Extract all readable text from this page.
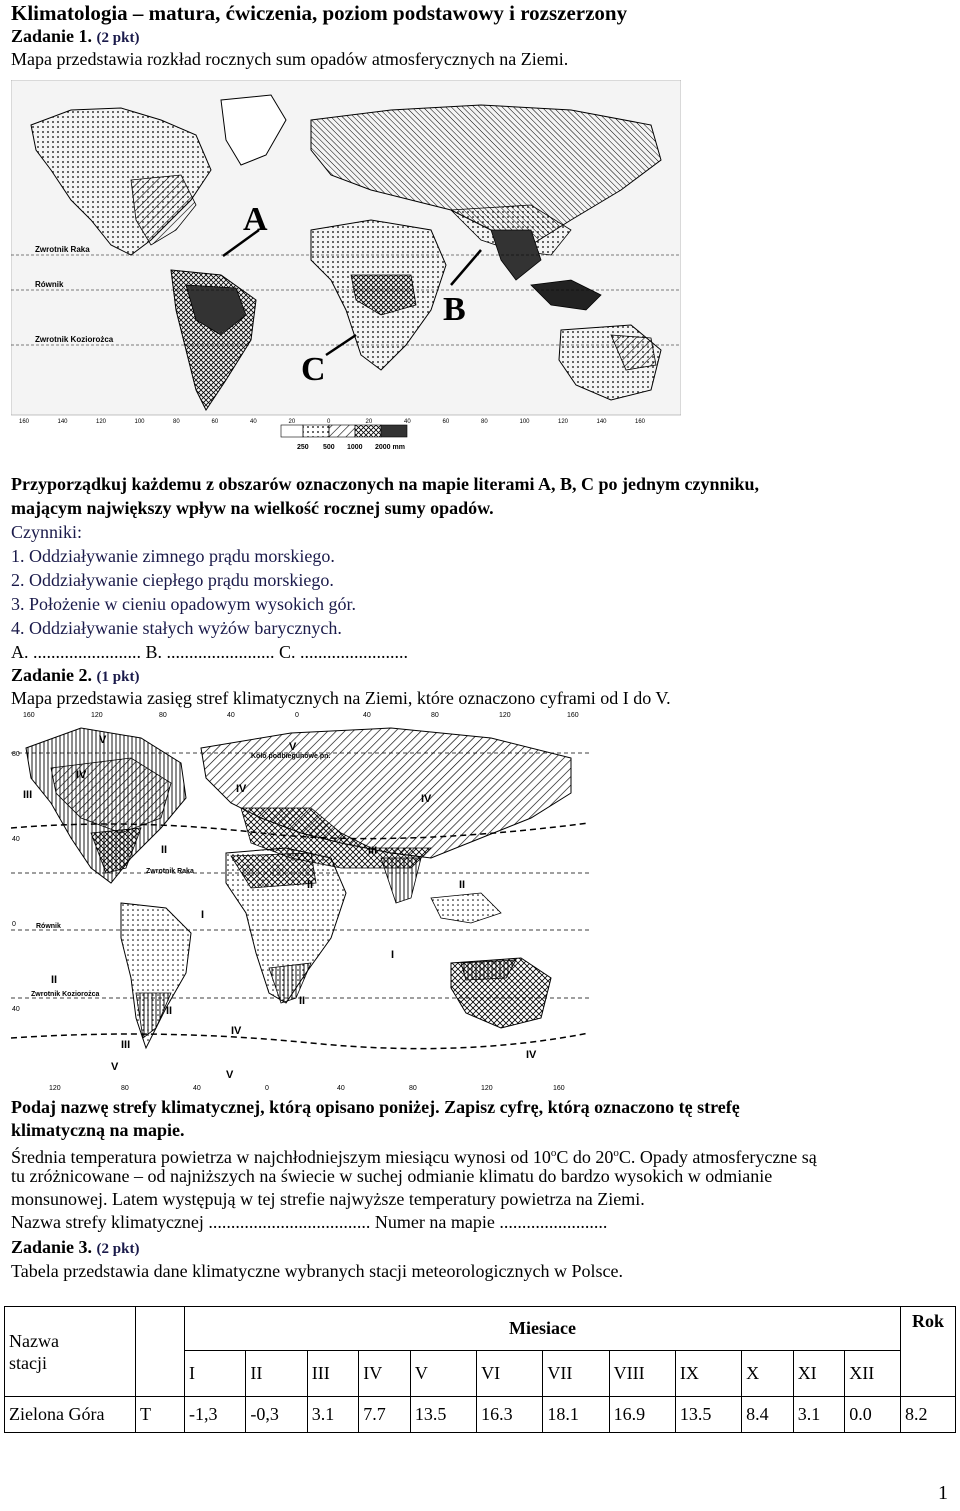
Klimatologia – matura, ćwiczenia, poziom podstawowy i rozszerzony
Zadanie 1. (2 pkt)
Mapa przedstawia rozkład rocznych sum opadów atmosferycznych na Ziemi.
Zwrotnik Raka
Równik
Zwrotnik Koziorożca
A
B
C
160	140	120	100	80	60	40	20	0	20	40	60	80	100	120	140	160
250 500 1000 2000 mm
Przyporządkuj każdemu z obszarów oznaczonych na mapie literami A, B, C po jednym czynniku,
mającym największy wpływ na wielkość rocznej sumy opadów.
Czynniki:
1. Oddziaływanie zimnego prądu morskiego.
2. Oddziaływanie ciepłego prądu morskiego.
3. Położenie w cieniu opadowym wysokich gór.
4. Oddziaływanie stałych wyżów barycznych.
A. ........................ B. ........................ C. ........................
Zadanie 2. (1 pkt)
Mapa przedstawia zasięg stref klimatycznych na Ziemi, które oznaczono cyframi od I do V.
Koło podbiegunowe pn.
Zwrotnik Raka
Równik
Zwrotnik Koziorożca
V
V
IV
IV
IV
III
III
II
II	II
I
I
II
II
II
III
IV
IV
V
V
160	120	80	40	0	40	80	120	160
120	80	40	0	40	80	120	160
80
40
0
40
Podaj nazwę strefy klimatycznej, którą opisano poniżej. Zapisz cyfrę, którą oznaczono tę strefę
klimatyczną na mapie.
Średnia temperatura powietrza w najchłodniejszym miesiącu wynosi od 10$^o$C do 20$^o$C. Opady atmosferyczne są
tu zróżnicowane – od najniższych na świecie w suchej odmianie klimatu do bardzo wysokich w odmianie
monsunowej. Latem występują w tej strefie najwyższe temperatury powietrza na Ziemi.
Nazwa strefy klimatycznej .................................... Numer na mapie ........................
Zadanie 3. (2 pkt)
Tabela przedstawia dane klimatyczne wybranych stacji meteorologicznych w Polsce.
Nazwa
stacji		Miesiace												Rok
		I	II	III	IV	V	VI	VII	VIII	IX	X	XI	XII	
Zielona Góra	T	-1,3	-0,3	3.1	7.7	13.5	16.3	18.1	16.9	13.5	8.4	3.1	0.0	8.2
1
